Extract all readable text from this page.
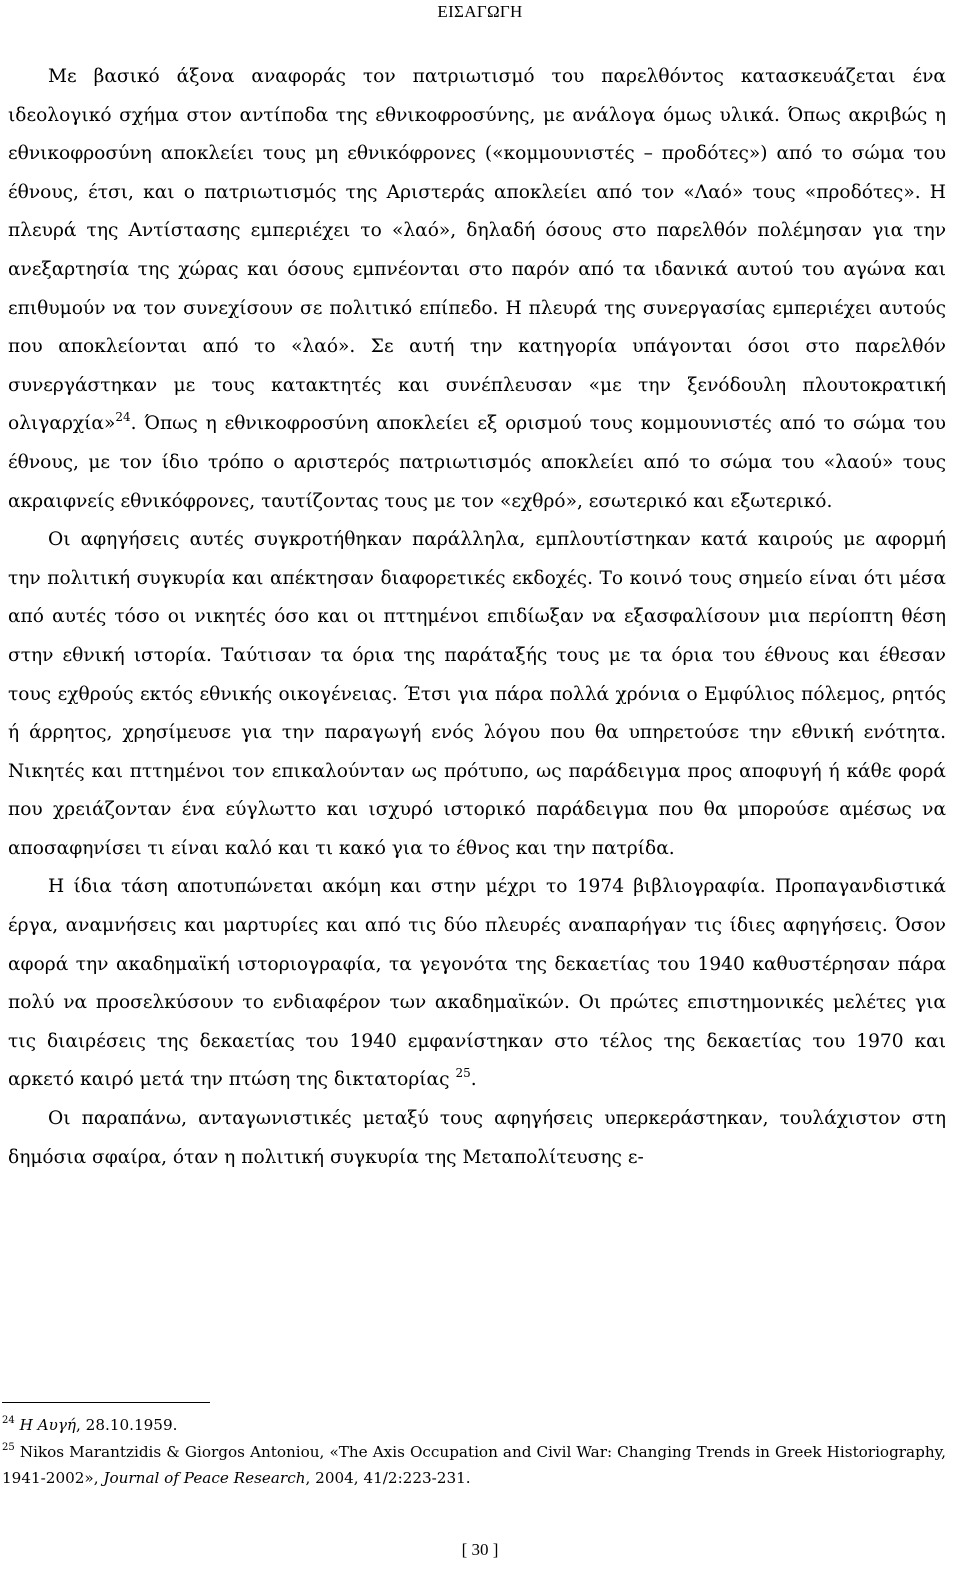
ΕΙΣΑΓΩΓΗ

Με βασικό άξονα αναφοράς τον πατριωτισμό του παρελθόντος κατασκευάζεται ένα ιδεολογικό σχήμα στον αντίποδα της εθνικοφροσύνης, με ανάλογα όμως υλικά. Όπως ακριβώς η εθνικοφροσύνη αποκλείει τους μη εθνικόφρονες («κομμουνιστές – προδότες») από το σώμα του έθνους, έτσι, και ο πατριωτισμός της Αριστεράς αποκλείει από τον «Λαό» τους «προδότες». Η πλευρά της Αντίστασης εμπεριέχει το «λαό», δηλαδή όσους στο παρελθόν πολέμησαν για την ανεξαρτησία της χώρας και όσους εμπνέονται στο παρόν από τα ιδανικά αυτού του αγώνα και επιθυμούν να τον συνεχίσουν σε πολιτικό επίπεδο. Η πλευρά της συνεργασίας εμπεριέχει αυτούς που αποκλείονται από το «λαό». Σε αυτή την κατηγορία υπάγονται όσοι στο παρελθόν συνεργάστηκαν με τους κατακτητές και συνέπλευσαν «με την ξενόδουλη πλουτοκρατική ολιγαρχία»$^{24}$. Όπως η εθνικοφροσύνη αποκλείει εξ ορισμού τους κομμουνιστές από το σώμα του έθνους, με τον ίδιο τρόπο ο αριστερός πατριωτισμός αποκλείει από το σώμα του «λαού» τους ακραιφνείς εθνικόφρονες, ταυτίζοντας τους με τον «εχθρό», εσωτερικό και εξωτερικό.

Οι αφηγήσεις αυτές συγκροτήθηκαν παράλληλα, εμπλουτίστηκαν κατά καιρούς με αφορμή την πολιτική συγκυρία και απέκτησαν διαφορετικές εκδοχές. Το κοινό τους σημείο είναι ότι μέσα από αυτές τόσο οι νικητές όσο και οι πττημένοι επιδίωξαν να εξασφαλίσουν μια περίοπτη θέση στην εθνική ιστορία. Ταύτισαν τα όρια της παράταξής τους με τα όρια του έθνους και έθεσαν τους εχθρούς εκτός εθνικής οικογένειας. Έτσι για πάρα πολλά χρόνια ο Εμφύλιος πόλεμος, ρητός ή άρρητος, χρησίμευσε για την παραγωγή ενός λόγου που θα υπηρετούσε την εθνική ενότητα. Νικητές και πττημένοι τον επικαλούνταν ως πρότυπο, ως παράδειγμα προς αποφυγή ή κάθε φορά που χρειάζονταν ένα εύγλωττο και ισχυρό ιστορικό παράδειγμα που θα μπορούσε αμέσως να αποσαφηνίσει τι είναι καλό και τι κακό για το έθνος και την πατρίδα.

Η ίδια τάση αποτυπώνεται ακόμη και στην μέχρι το 1974 βιβλιογραφία. Προπαγανδιστικά έργα, αναμνήσεις και μαρτυρίες και από τις δύο πλευρές αναπαρήγαν τις ίδιες αφηγήσεις. Όσον αφορά την ακαδημαϊκή ιστοριογραφία, τα γεγονότα της δεκαετίας του 1940 καθυστέρησαν πάρα πολύ να προσελκύσουν το ενδιαφέρον των ακαδημαϊκών. Οι πρώτες επιστημονικές μελέτες για τις διαιρέσεις της δεκαετίας του 1940 εμφανίστηκαν στο τέλος της δεκαετίας του 1970 και αρκετό καιρό μετά την πτώση της δικτατορίας $^{25}$.

Οι παραπάνω, ανταγωνιστικές μεταξύ τους αφηγήσεις υπερκεράστηκαν, τουλάχιστον στη δημόσια σφαίρα, όταν η πολιτική συγκυρία της Μεταπολίτευσης ε-

$^{24}$ Η Αυγή, 28.10.1959.

$^{25}$ Nikos Marantzidis & Giorgos Antoniou, «The Axis Occupation and Civil War: Changing Trends in Greek Historiography, 1941-2002», Journal of Peace Research, 2004, 41/2:223-231.

[ 30 ]
